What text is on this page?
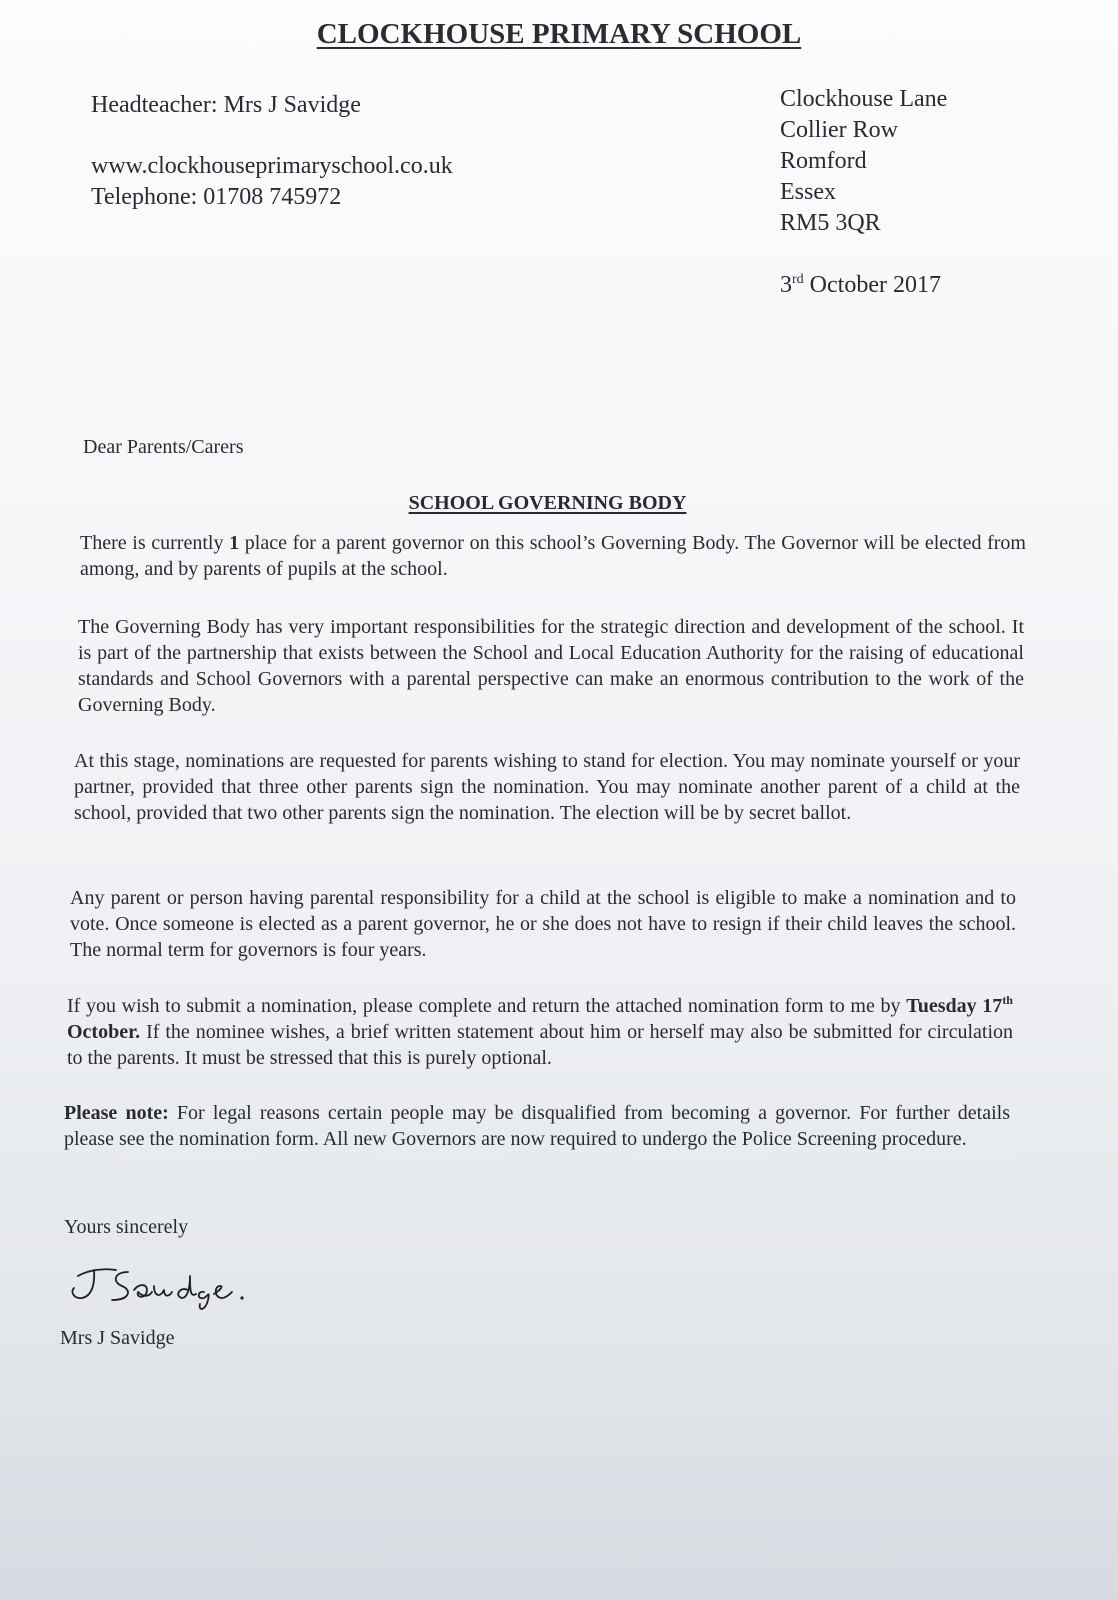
CLOCKHOUSE PRIMARY SCHOOL
Headteacher: Mrs J Savidge
www.clockhouseprimaryschool.co.uk
Telephone: 01708 745972
Clockhouse Lane
Collier Row
Romford
Essex
RM5 3QR
3rd October 2017
Dear Parents/Carers
SCHOOL GOVERNING BODY

There is currently 1 place for a parent governor on this school’s Governing Body. The Governor will be elected from among, and by parents of pupils at the school.

The Governing Body has very important responsibilities for the strategic direction and development of the school. It is part of the partnership that exists between the School and Local Education Authority for the raising of educational standards and School Governors with a parental perspective can make an enormous contribution to the work of the Governing Body.

At this stage, nominations are requested for parents wishing to stand for election. You may nominate yourself or your partner, provided that three other parents sign the nomination. You may nominate another parent of a child at the school, provided that two other parents sign the nomination. The election will be by secret ballot.

Any parent or person having parental responsibility for a child at the school is eligible to make a nomination and to vote. Once someone is elected as a parent governor, he or she does not have to resign if their child leaves the school. The normal term for governors is four years.

If you wish to submit a nomination, please complete and return the attached nomination form to me by Tuesday 17th October. If the nominee wishes, a brief written statement about him or herself may also be submitted for circulation to the parents. It must be stressed that this is purely optional.

Please note: For legal reasons certain people may be disqualified from becoming a governor. For further details please see the nomination form. All new Governors are now required to undergo the Police Screening procedure.

Yours sincerely
Mrs J Savidge
